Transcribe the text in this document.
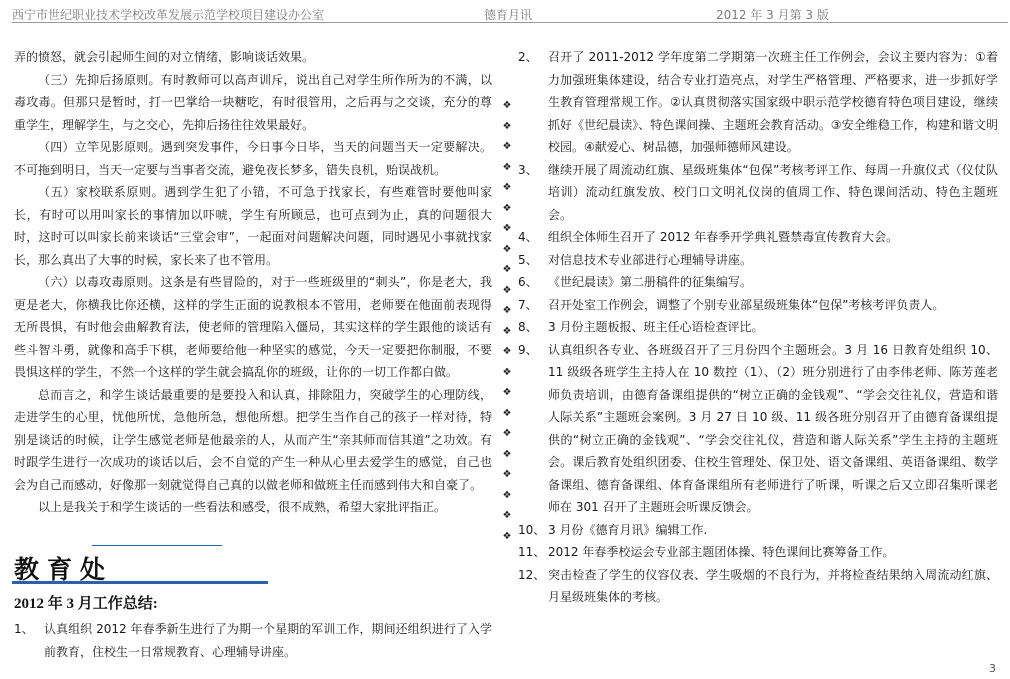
西宁市世纪职业技术学校改革发展示范学校项目建设办公室	德育月讯	2012 年 3 月第 3 版

弄的愤怒，就会引起师生间的对立情绪，影响谈话效果。

（三）先抑后扬原则。有时教师可以高声训斥，说出自己对学生所作所为的不满，以毒攻毒。但那只是暂时，打一巴掌给一块糖吃，有时很管用，之后再与之交谈，充分的尊重学生，理解学生，与之交心，先抑后扬往往效果最好。

（四）立竿见影原则。遇到突发事件，今日事今日毕，当天的问题当天一定要解决。不可拖到明日，当天一定要与当事者交流，避免夜长梦多，错失良机，贻误战机。

（五）家校联系原则。遇到学生犯了小错，不可急于找家长，有些难管时要他叫家长，有时可以用叫家长的事情加以吓唬，学生有所顾忌，也可点到为止，真的问题很大时，这时可以叫家长前来谈话“三堂会审”，一起面对问题解决问题，同时遇见小事就找家长，那么真出了大事的时候，家长来了也不管用。

（六）以毒攻毒原则。这条是有些冒险的，对于一些班级里的“刺头”，你是老大，我更是老大，你横我比你还横，这样的学生正面的说教根本不管用，老师要在他面前表现得无所畏惧，有时他会曲解教育法，使老师的管理陷入僵局，其实这样的学生跟他的谈话有些斗智斗勇，就像和高手下棋，老师要给他一种坚实的感觉，今天一定要把你制服，不要畏惧这样的学生，不然一个这样的学生就会搞乱你的班级，让你的一切工作都白做。

总而言之，和学生谈话最重要的是要投入和认真，排除阻力，突破学生的心理防线，走进学生的心里，忧他所忧，急他所急，想他所想。把学生当作自己的孩子一样对待，特别是谈话的时候，让学生感觉老师是他最亲的人，从而产生“亲其师而信其道”之功效。有时跟学生进行一次成功的谈话以后，会不自觉的产生一种从心里去爱学生的感觉，自己也会为自己而感动，好像那一刻就觉得自己真的以做老师和做班主任而感到伟大和自豪了。

以上是我关于和学生谈话的一些看法和感受，很不成熟，希望大家批评指正。

教育处
2012 年 3 月工作总结:

1、 认真组织 2012 年春季新生进行了为期一个星期的军训工作，期间还组织进行了入学前教育，住校生一日常规教育、心理辅导讲座。

❖
❖
❖
❖
❖
❖
❖
❖
❖
❖
❖
❖
❖
❖
❖
❖
❖
❖
❖
❖
❖
❖

2、 召开了 2011-2012 学年度第二学期第一次班主任工作例会，会议主要内容为：①着力加强班集体建设，结合专业打造亮点，对学生严格管理、严格要求，进一步抓好学生教育管理常规工作。②认真贯彻落实国家级中职示范学校德育特色项目建设，继续抓好《世纪晨读》、特色课间操、主题班会教育活动。③安全维稳工作，构建和谐文明校园。④献爱心、树品德，加强师德师风建设。

3、 继续开展了周流动红旗、星级班集体“包保”考核考评工作、每周一升旗仪式（仪仗队培训）流动红旗发放、校门口文明礼仪岗的值周工作、特色课间活动、特色主题班会。

4、 组织全体师生召开了 2012 年春季开学典礼暨禁毒宣传教育大会。

5、 对信息技术专业部进行心理辅导讲座。

6、 《世纪晨读》第二册稿件的征集编写。

7、 召开处室工作例会，调整了个别专业部星级班集体“包保”考核考评负责人。

8、 3 月份主题板报、班主任心语检查评比。

9、 认真组织各专业、各班级召开了三月份四个主题班会。3 月 16 日教育处组织 10、11 级级各班学生主持人在 10 数控（1）、（2）班分别进行了由李伟老师、陈芳莲老师负责培训，由德育备课组提供的“树立正确的金钱观”、“学会交往礼仪，营造和谐人际关系”主题班会案例。3 月 27 日 10 级、11 级各班分别召开了由德育备课组提供的“树立正确的金钱观”、“学会交往礼仪，营造和谐人际关系”学生主持的主题班会。课后教育处组织团委、住校生管理处、保卫处、语文备课组、英语备课组、数学备课组、德育备课组、体育备课组所有老师进行了听课，听课之后又立即召集听课老师在 301 召开了主题班会听课反馈会。

10、 3 月份《德育月讯》编辑工作.

11、 2012 年春季校运会专业部主题团体操、特色课间比赛筹备工作。

12、 突击检查了学生的仪容仪表、学生吸烟的不良行为，并将检查结果纳入周流动红旗、月星级班集体的考核。

3
